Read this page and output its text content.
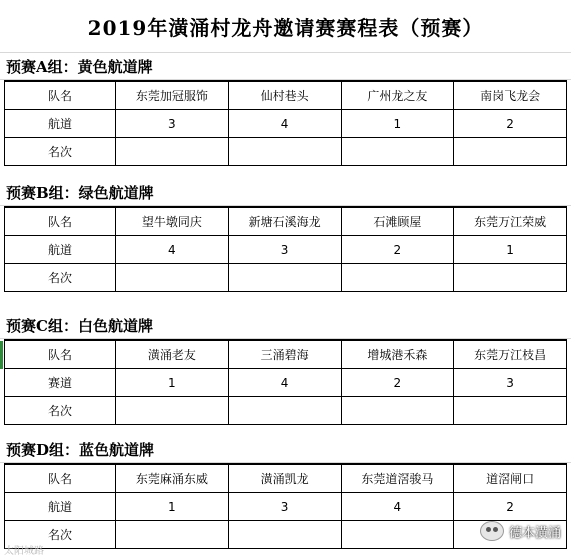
2019年潢涌村龙舟邀请赛赛程表（预赛）
预赛A组：黄色航道牌
队名	东莞加冠服饰	仙村巷头	广州龙之友	南岗飞龙会
航道	3	4	1	2
名次				
预赛B组：绿色航道牌
队名	望牛墩同庆	新塘石溪海龙	石滩顾屋	东莞万江荣威
航道	4	3	2	1
名次				
预赛C组：白色航道牌
队名	潢涌老友	三涌碧海	增城港禾森	东莞万江枝昌
赛道	1	4	2	3
名次				
预赛D组：蓝色航道牌
队名	东莞麻涌东威	潢涌凯龙	东莞道滘骏马	道滘闸口
航道	1	3	4	2
名次					德本潢涌
太阳城路
